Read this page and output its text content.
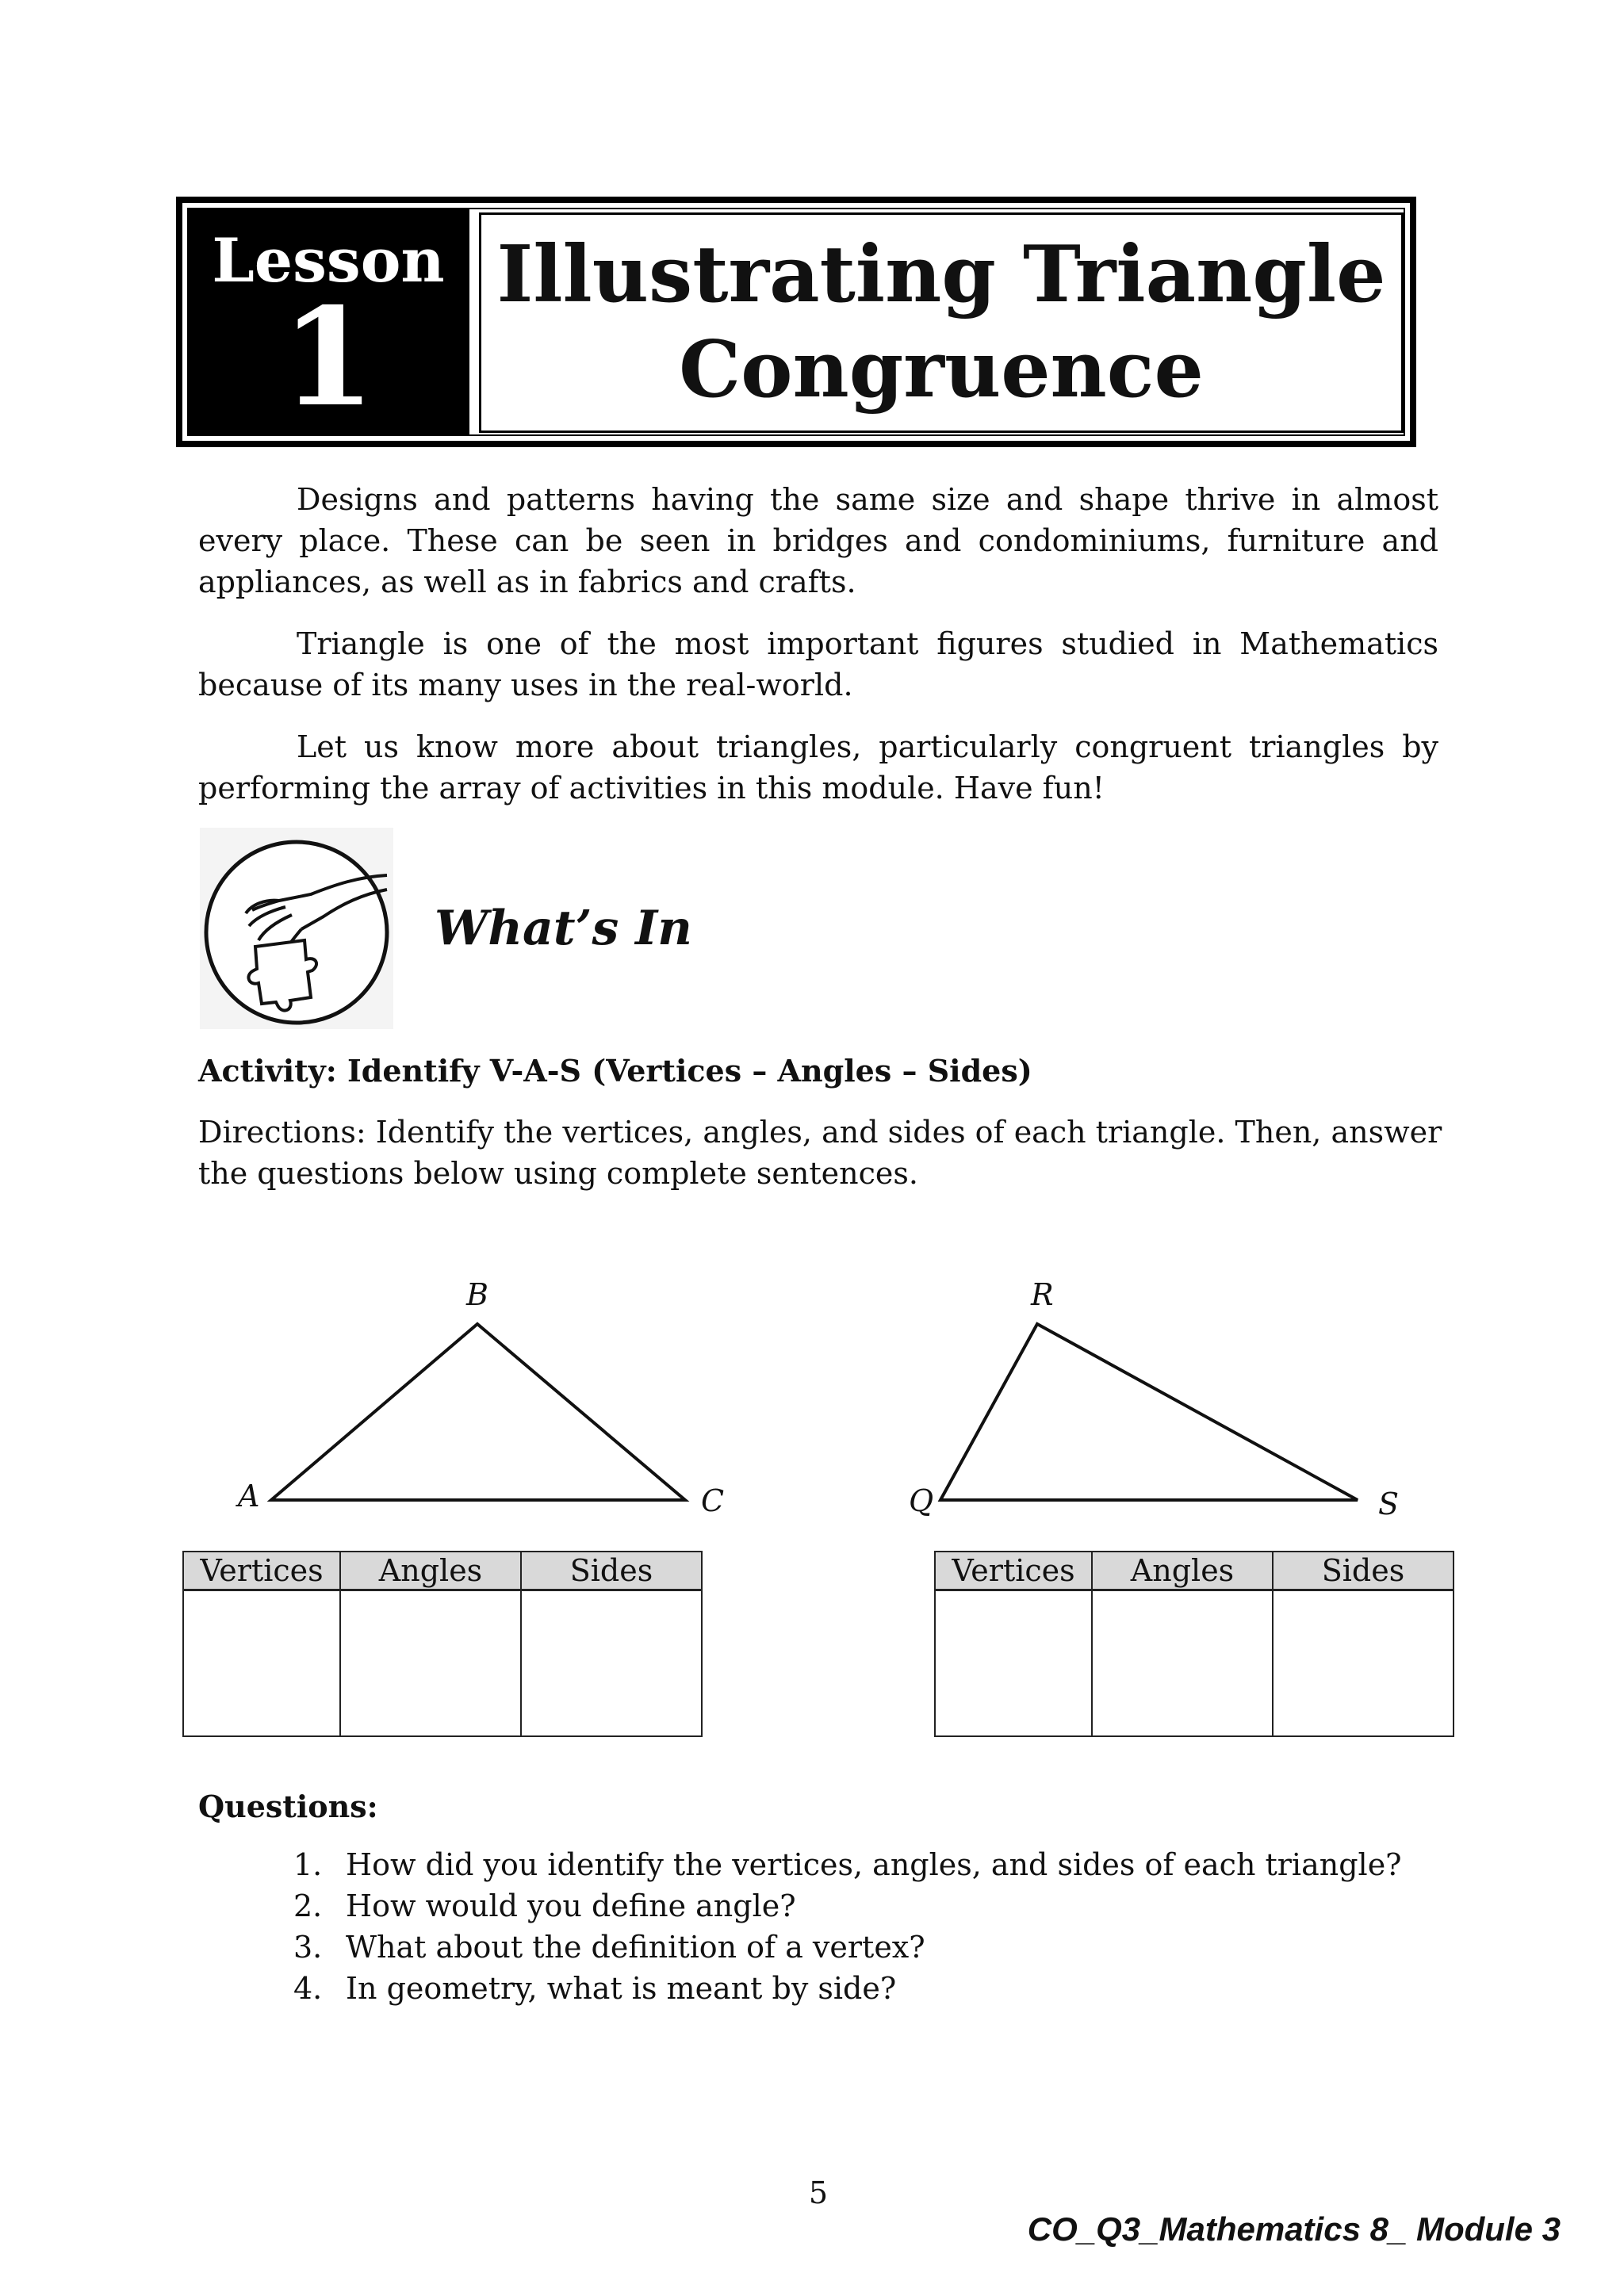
Lesson
1
Illustrating Triangle
Congruence

Designs and patterns having the same size and shape thrive in almost every place. These can be seen in bridges and condominiums, furniture and appliances, as well as in fabrics and crafts.

Triangle is one of the most important figures studied in Mathematics because of its many uses in the real-world.

Let us know more about triangles, particularly congruent triangles by performing the array of activities in this module. Have fun!

What’s In
Activity: Identify V-A-S (Vertices – Angles – Sides)

Directions: Identify the vertices, angles, and sides of each triangle. Then, answer the questions below using complete sentences.

A
B
C	Q
R
S
Vertices	Angles	Sides
			Vertices	Angles	Sides

Questions:
1. How did you identify the vertices, angles, and sides of each triangle?
2. How would you define angle?
3. What about the definition of a vertex?
4. In geometry, what is meant by side?
5
CO_Q3_Mathematics 8_ Module 3
